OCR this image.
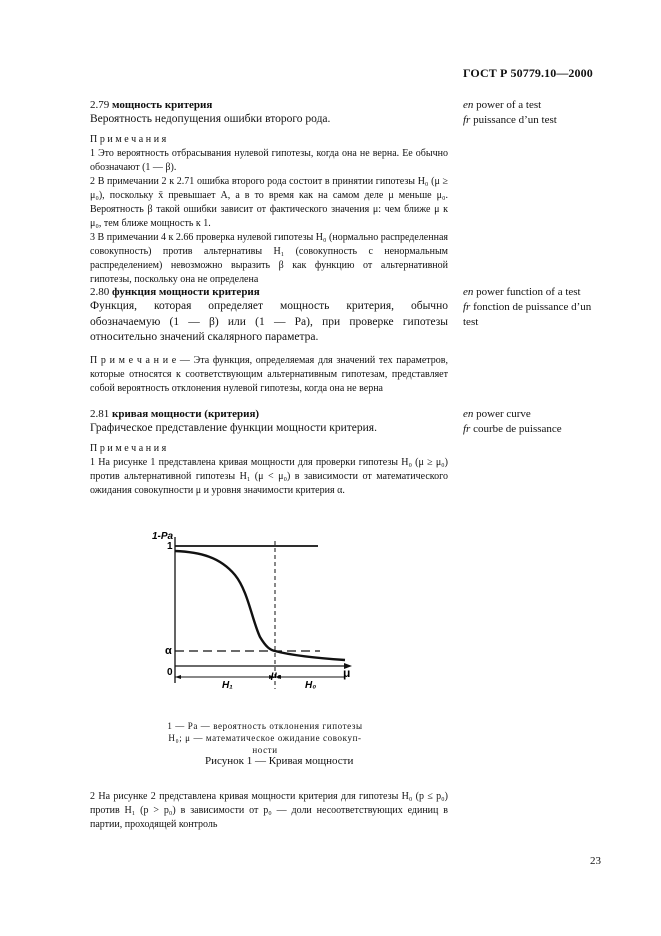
ГОСТ Р 50779.10—2000

2.79 мощность критерия

Вероятность недопущения ошибки второго рода.

Примечания

1 Это вероятность отбрасывания нулевой гипотезы, когда она не верна. Ее обычно обозначают (1 — β).

2 В примечании 2 к 2.71 ошибка второго рода состоит в принятии гипотезы H₀ (μ ≥ μ₀), поскольку x̄ превышает A, а в то время как на самом деле μ меньше μ₀. Вероятность β такой ошибки зависит от фактического значения μ: чем ближе μ к μ₀, тем ближе мощность к 1.

3 В примечании 4 к 2.66 проверка нулевой гипотезы H₀ (нормально распределенная совокупность) против альтернативы H₁ (совокупность с ненормальным распределением) невозможно выразить β как функцию от альтернативной гипотезы, поскольку она не определена

en power of a test
fr puissance d’un test

2.80 функция мощности критерия

Функция, которая определяет мощность критерия, обычно обозначаемую (1 — β) или (1 — Pa), при проверке гипотезы относительно значений скалярного параметра.

П р и м е ч а н и е — Эта функция, определяемая для значений тех параметров, которые относятся к соответствующим альтернативным гипотезам, представляет собой вероятность отклонения нулевой гипотезы, когда она не верна

en power function of a test
fr fonction de puissance d’un test

2.81 кривая мощности (критерия)

Графическое представление функции мощности критерия.

Примечания

1 На рисунке 1 представлена кривая мощности для проверки гипотезы H₀ (μ ≥ μ₀) против альтернативной гипотезы H₁ (μ < μ₀) в зависимости от математического ожидания совокупности μ и уровня значимости критерия α.

en power curve
fr courbe de puissance
1-Pa
1
α
0	μ
μ₀
H₁	H₀
1 — Pa — вероятность отклонения гипотезы
H₀; μ — математическое ожидание совокуп-
ности
Рисунок 1 — Кривая мощности

2 На рисунке 2 представлена кривая мощности критерия для гипотезы H₀ (p ≤ p₀) против H₁ (p > p₀) в зависимости от p₀ — доли несоответствующих единиц в партии, проходящей контроль

23
